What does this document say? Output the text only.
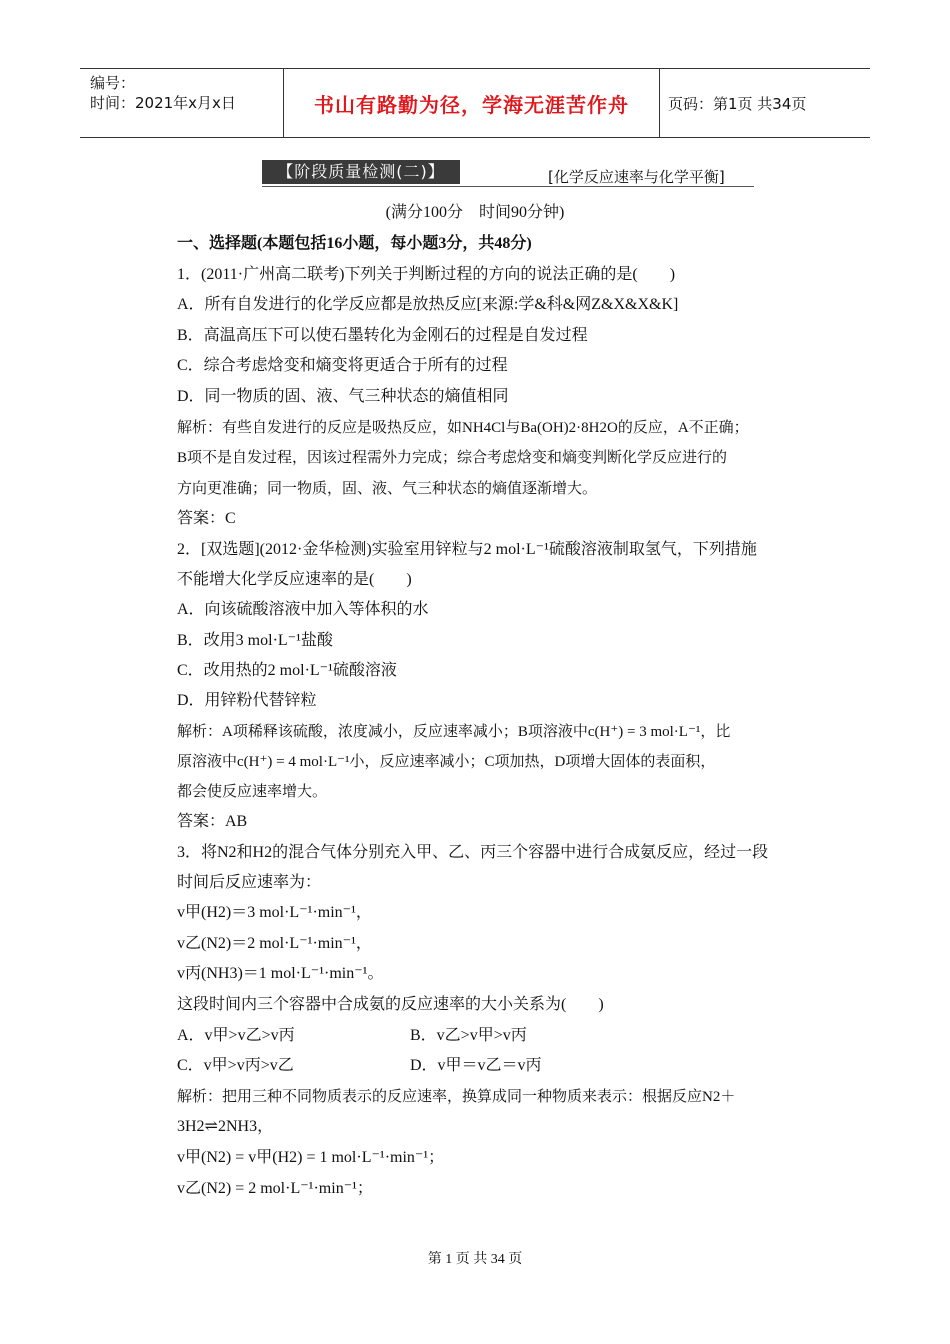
编号：
时间：2021年x月x日	书山有路勤为径，学海无涯苦作舟	页码：第1页 共34页
【阶段质量检测(二)】	[化学反应速率与化学平衡]
(满分100分　时间90分钟)
一、选择题(本题包括16小题，每小题3分，共48分)
1．(2011·广州高二联考)下列关于判断过程的方向的说法正确的是(　　)
A．所有自发进行的化学反应都是放热反应[来源:学&科&网Z&X&X&K]
B．高温高压下可以使石墨转化为金刚石的过程是自发过程
C．综合考虑焓变和熵变将更适合于所有的过程
D．同一物质的固、液、气三种状态的熵值相同
解析：有些自发进行的反应是吸热反应，如NH4Cl与Ba(OH)2·8H2O的反应，A不正确；
B项不是自发过程，因该过程需外力完成；综合考虑焓变和熵变判断化学反应进行的
方向更准确；同一物质，固、液、气三种状态的熵值逐渐增大。
答案：C
2．[双选题](2012·金华检测)实验室用锌粒与2 mol·L⁻¹硫酸溶液制取氢气，下列措施
不能增大化学反应速率的是(　　)
A．向该硫酸溶液中加入等体积的水
B．改用3 mol·L⁻¹盐酸
C．改用热的2 mol·L⁻¹硫酸溶液
D．用锌粉代替锌粒
解析：A项稀释该硫酸，浓度减小，反应速率减小；B项溶液中c(H⁺) = 3 mol·L⁻¹，比
原溶液中c(H⁺) = 4 mol·L⁻¹小，反应速率减小；C项加热，D项增大固体的表面积，
都会使反应速率增大。
答案：AB
3．将N2和H2的混合气体分别充入甲、乙、丙三个容器中进行合成氨反应，经过一段
时间后反应速率为：
v甲(H2)＝3 mol·L⁻¹·min⁻¹，
v乙(N2)＝2 mol·L⁻¹·min⁻¹，
v丙(NH3)＝1 mol·L⁻¹·min⁻¹。
这段时间内三个容器中合成氨的反应速率的大小关系为(　　)
A．v甲>v乙>v丙	B．v乙>v甲>v丙
C．v甲>v丙>v乙	D．v甲＝v乙＝v丙
解析：把用三种不同物质表示的反应速率，换算成同一种物质来表示：根据反应N2＋
3H2⇌2NH3，
v甲(N2) = v甲(H2) = 1 mol·L⁻¹·min⁻¹；
v乙(N2) = 2 mol·L⁻¹·min⁻¹；
第 1 页 共 34 页
